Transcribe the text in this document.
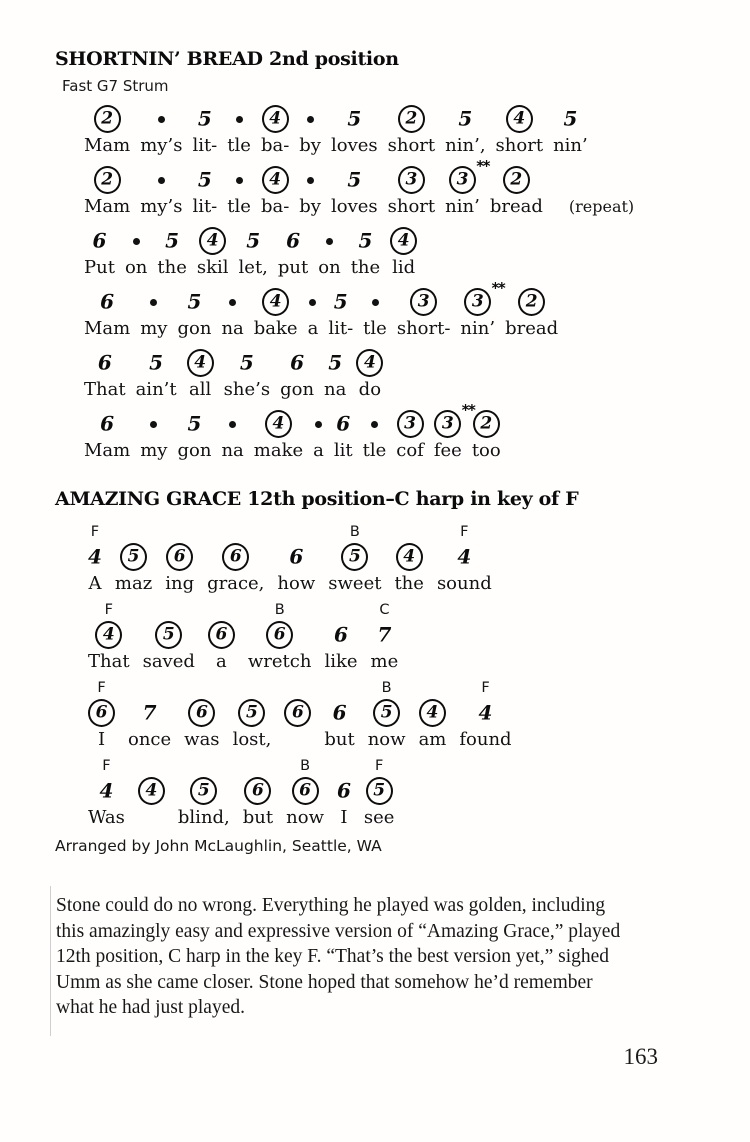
SHORTNIN’ BREAD 2nd position
Fast G7 Strum
2
Mam my’s
5
lit- tle
4
ba- by
5
loves
2
short
5
nin’,
4
short
5
nin’
2
Mam my’s
5
lit- tle
4
ba- by
5
loves
3
short
3
**
nin’
2
bread (repeat)
6
Put on
5
the
4
skil
5
let,
6
put on
5
the
4
lid
6
Mam my
5
gon na
4
bake a
5
lit- tle
3
short-
3
**
nin’
2
bread
6
That
5
ain’t
4
all
5
she’s
6
gon
5
na
4
do
6
Mam my
5
gon na
4
make a
6
lit tle
3
cof
3
**
fee
2
too
AMAZING GRACE 12th position–C harp in key of F
F
4
A

5
maz

6
ing

6
grace,

6
how
B
5
sweet

4
the
F
4
sound
F
4
That

5
saved

6
a
B
6
wretch

6
like
C
7
me
F
6
I

7
once

6
was

5
lost,

6

6
but
B
5
now

4
am
F
4
found
F
4
Was

4

5
blind,

6
but
B
6
now

6
I
F
5
see
Arranged by John McLaughlin, Seattle, WA
Stone could do no wrong. Everything he played was golden, including
this amazingly easy and expressive version of “Amazing Grace,” played
12th position, C harp in the key F. “That’s the best version yet,” sighed
Umm as she came closer. Stone hoped that somehow he’d remember
what he had just played.
163
